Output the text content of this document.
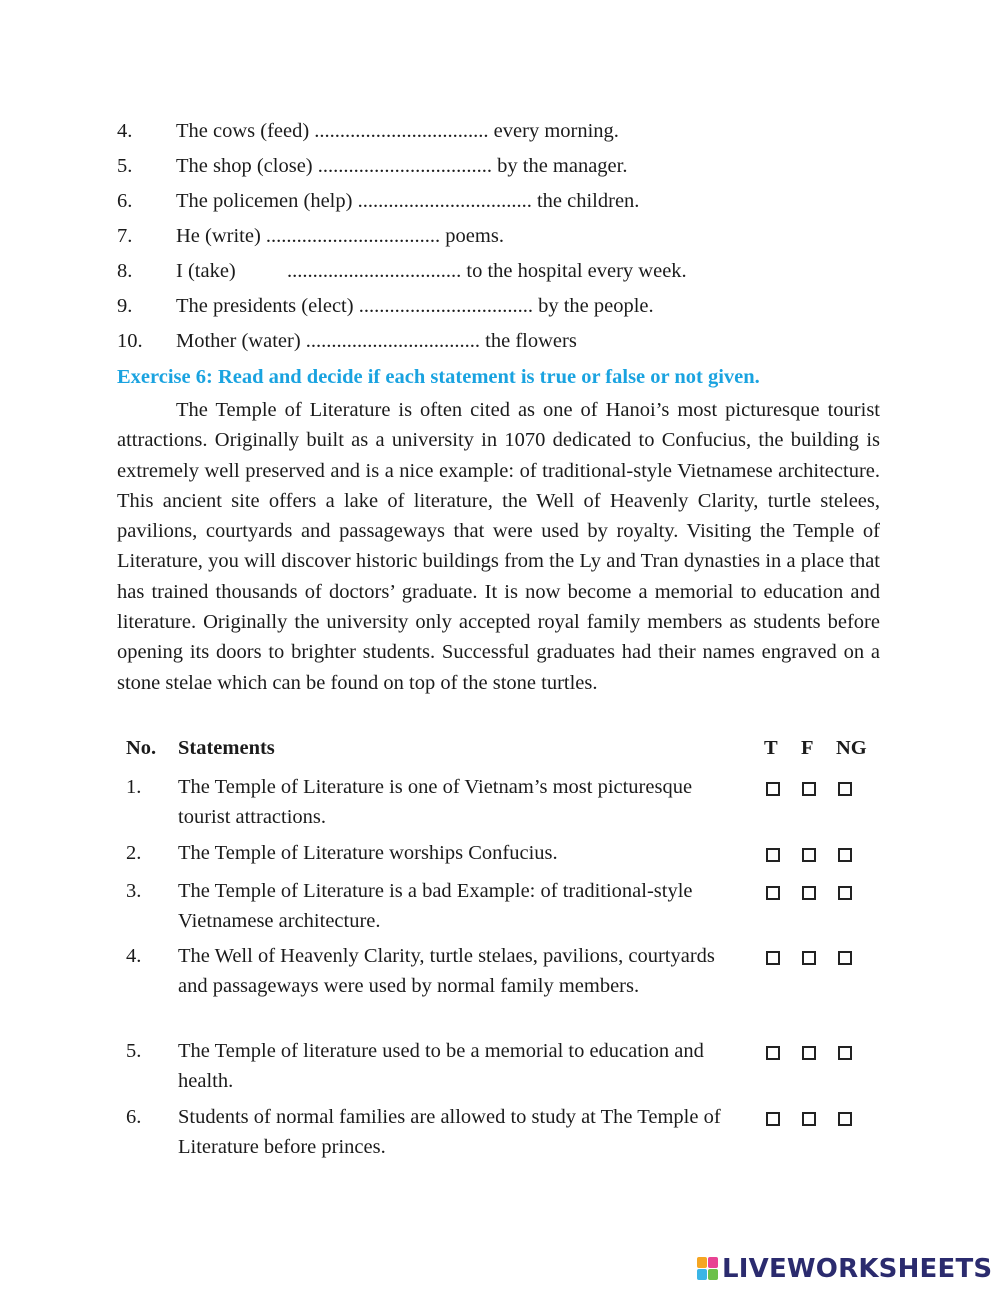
4. The cows (feed) .................................. every morning.
5. The shop (close) .................................. by the manager.
6. The policemen (help) .................................. the children.
7. He (write) .................................. poems.
8. I (take)          .................................. to the hospital every week.
9. The presidents (elect) .................................. by the people.
10. Mother (water) .................................. the flowers
Exercise 6: Read and decide if each statement is true or false or not given.

The Temple of Literature is often cited as one of Hanoi’s most picturesque tourist attractions. Originally built as a university in 1070 dedicated to Confucius, the building is extremely well preserved and is a nice example: of traditional-style Vietnamese architecture. This ancient site offers a lake of literature, the Well of Heavenly Clarity, turtle stelees, pavilions, courtyards and passageways that were used by royalty. Visiting the Temple of Literature, you will discover historic buildings from the Ly and Tran dynasties in a place that has trained thousands of doctors’ graduate. It is now become a memorial to education and literature. Originally the university only accepted royal family members as students before opening its doors to brighter students. Successful graduates had their names engraved on a stone stelae which can be found on top of the stone turtles.

No. Statements	T F NG
1. The Temple of Literature is one of Vietnam’s most picturesque tourist attractions.
2. The Temple of Literature worships Confucius.
3. The Temple of Literature is a bad Example: of traditional-style Vietnamese architecture.
4. The Well of Heavenly Clarity, turtle stelaes, pavilions, courtyards and passageways were used by normal family members.
5. The Temple of literature used to be a memorial to education and health.
6. Students of normal families are allowed to study at The Temple of Literature before princes.
LIVEWORKSHEETS
